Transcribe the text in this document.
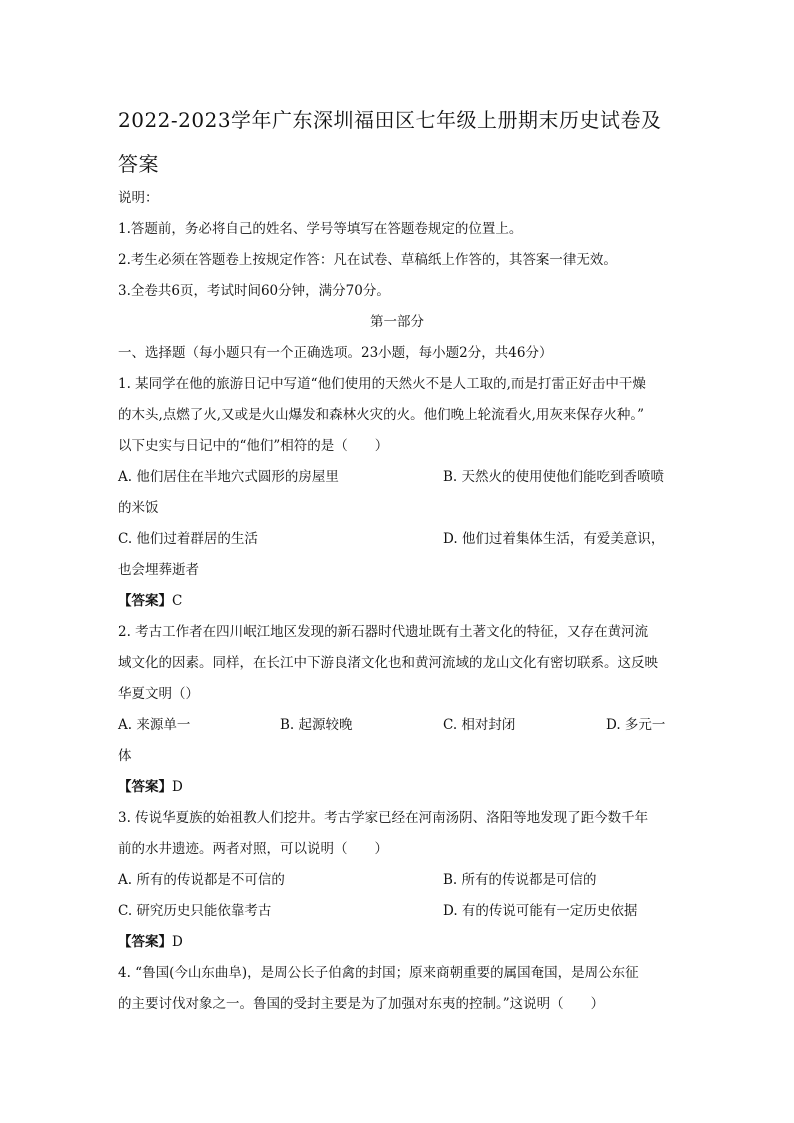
2022-2023学年广东深圳福田区七年级上册期末历史试卷及
答案
说明：
1.答题前，务必将自己的姓名、学号等填写在答题卷规定的位置上。
2.考生必须在答题卷上按规定作答：凡在试卷、草稿纸上作答的，其答案一律无效。
3.全卷共6页，考试时间60分钟，满分70分。
第一部分
一、选择题（每小题只有一个正确选项。23小题，每小题2分，共46分）
1. 某同学在他的旅游日记中写道“他们使用的天然火不是人工取的,而是打雷正好击中干燥
的木头,点燃了火,又或是火山爆发和森林火灾的火。他们晚上轮流看火,用灰来保存火种。”
以下史实与日记中的“他们”相符的是（　　）
A. 他们居住在半地穴式圆形的房屋里	B. 天然火的使用使他们能吃到香喷喷
的米饭
C. 他们过着群居的生活	D. 他们过着集体生活，有爱美意识，
也会埋葬逝者
【答案】C
2. 考古工作者在四川岷江地区发现的新石器时代遗址既有土著文化的特征，又存在黄河流
域文化的因素。同样，在长江中下游良渚文化也和黄河流域的龙山文化有密切联系。这反映
华夏文明（）
A. 来源单一	B. 起源较晚	C. 相对封闭	D. 多元一
体
【答案】D
3. 传说华夏族的始祖教人们挖井。考古学家已经在河南汤阴、洛阳等地发现了距今数千年
前的水井遗迹。两者对照，可以说明（　　）
A. 所有的传说都是不可信的	B. 所有的传说都是可信的
C. 研究历史只能依靠考古	D. 有的传说可能有一定历史依据
【答案】D
4. “鲁国(今山东曲阜)，是周公长子伯禽的封国；原来商朝重要的属国奄国，是周公东征
的主要讨伐对象之一。鲁国的受封主要是为了加强对东夷的控制。”这说明（　　）
